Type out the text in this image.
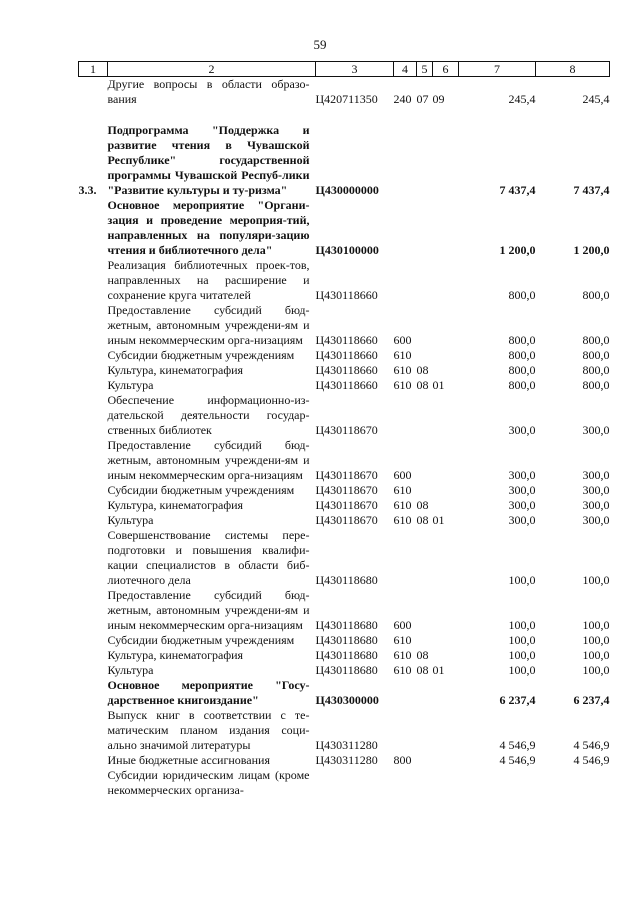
59
1	2	3	4	5	6	7	8
	Другие вопросы в области образо-вания	Ц420711350	240	07	09	245,4	245,4

3.3.	Подпрограмма "Поддержка и развитие чтения в Чувашской Республике" государственной программы Чувашской Респуб-лики "Развитие культуры и ту-ризма"	Ц430000000				7 437,4	7 437,4
	Основное мероприятие "Органи-зация и проведение мероприя-тий, направленных на популяри-зацию чтения и библиотечного дела"	Ц430100000				1 200,0	1 200,0
	Реализация библиотечных проек-тов, направленных на расширение и сохранение круга читателей	Ц430118660				800,0	800,0
	Предоставление субсидий бюд-жетным, автономным учреждени-ям и иным некоммерческим орга-низациям	Ц430118660	600			800,0	800,0
	Субсидии бюджетным учреждениям	Ц430118660	610			800,0	800,0
	Культура, кинематография	Ц430118660	610	08		800,0	800,0
	Культура	Ц430118660	610	08	01	800,0	800,0
	Обеспечение информационно-из-дательской деятельности государ-ственных библиотек	Ц430118670				300,0	300,0
	Предоставление субсидий бюд-жетным, автономным учреждени-ям и иным некоммерческим орга-низациям	Ц430118670	600			300,0	300,0
	Субсидии бюджетным учреждениям	Ц430118670	610			300,0	300,0
	Культура, кинематография	Ц430118670	610	08		300,0	300,0
	Культура	Ц430118670	610	08	01	300,0	300,0
	Совершенствование системы пере-подготовки и повышения квалифи-кации специалистов в области биб-лиотечного дела	Ц430118680				100,0	100,0
	Предоставление субсидий бюд-жетным, автономным учреждени-ям и иным некоммерческим орга-низациям	Ц430118680	600			100,0	100,0
	Субсидии бюджетным учреждениям	Ц430118680	610			100,0	100,0
	Культура, кинематография	Ц430118680	610	08		100,0	100,0
	Культура	Ц430118680	610	08	01	100,0	100,0
	Основное мероприятие "Госу-дарственное книгоиздание"	Ц430300000				6 237,4	6 237,4
	Выпуск книг в соответствии с те-матическим планом издания соци-ально значимой литературы	Ц430311280				4 546,9	4 546,9
	Иные бюджетные ассигнования	Ц430311280	800			4 546,9	4 546,9
	Субсидии юридическим лицам (кроме некоммерческих организа-						
